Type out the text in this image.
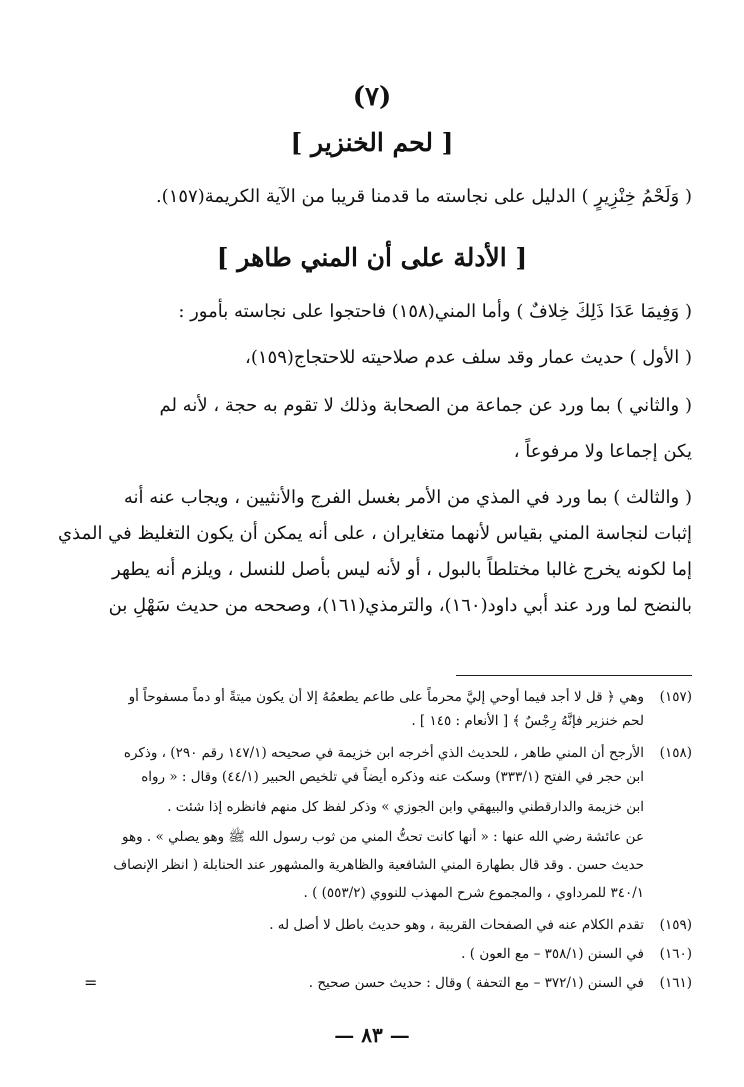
(٧)
[ لحم الخنزير ]
( وَلَحْمُ خِنْزِيرٍ ) الدليل على نجاسته ما قدمنا قريبا من الآية الكريمة(١٥٧).
[ الأدلة على أن المني طاهر ]
( وَفِيمَا عَدَا ذَلِكَ خِلافٌ ) وأما المني(١٥٨) فاحتجوا على نجاسته بأمور :
( الأول ) حديث عمار وقد سلف عدم صلاحيته للاحتجاج(١٥٩)،
( والثاني ) بما ورد عن جماعة من الصحابة وذلك لا تقوم به حجة ، لأنه لم
يكن إجماعا ولا مرفوعاً ،
( والثالث ) بما ورد في المذي من الأمر بغسل الفرج والأنثيين ، ويجاب عنه أنه
إثبات لنجاسة المني بقياس لأنهما متغايران ، على أنه يمكن أن يكون التغليظ في المذي
إما لكونه يخرج غالبا مختلطاً بالبول ، أو لأنه ليس بأصل للنسل ، ويلزم أنه يطهر
بالنضح لما ورد عند أبي داود(١٦٠)، والترمذي(١٦١)، وصححه من حديث سَهْلِ بن
(١٥٧)وهي ﴿ قل لا أجد فيما أوحي إليَّ محرماً على طاعم يطعمُهُ إلا أن يكون ميتةً أو دماً مسفوحاً أو
لحم خنزير فإنَّهُ رِجْسٌ ﴾ [ الأنعام : ١٤٥ ] .
(١٥٨)الأرجح أن المني طاهر ، للحديث الذي أخرجه ابن خزيمة في صحيحه (١٤٧/١ رقم ٢٩٠) ، وذكره
ابن حجر في الفتح (٣٣٣/١) وسكت عنه وذكره أيضاً في تلخيص الحبير (٤٤/١) وقال : « رواه
ابن خزيمة والدارقطني والبيهقي وابن الجوزي » وذكر لفظ كل منهم فانظره إذا شئت .
عن عائشة رضي الله عنها : « أنها كانت تحتُّ المني من ثوب رسول الله ﷺ وهو يصلي » . وهو
حديث حسن . وقد قال بطهارة المني الشافعية والظاهرية والمشهور عند الحنابلة ( انظر الإنصاف
٣٤٠/١ للمرداوي ، والمجموع شرح المهذب للنووي (٥٥٣/٢) ) .
(١٥٩)تقدم الكلام عنه في الصفحات القريبة ، وهو حديث باطل لا أصل له .
(١٦٠)في السنن (٣٥٨/١ – مع العون ) .
(١٦١)في السنن (٣٧٢/١ – مع التحفة ) وقال : حديث حسن صحيح .
=
— ٨٣ —
